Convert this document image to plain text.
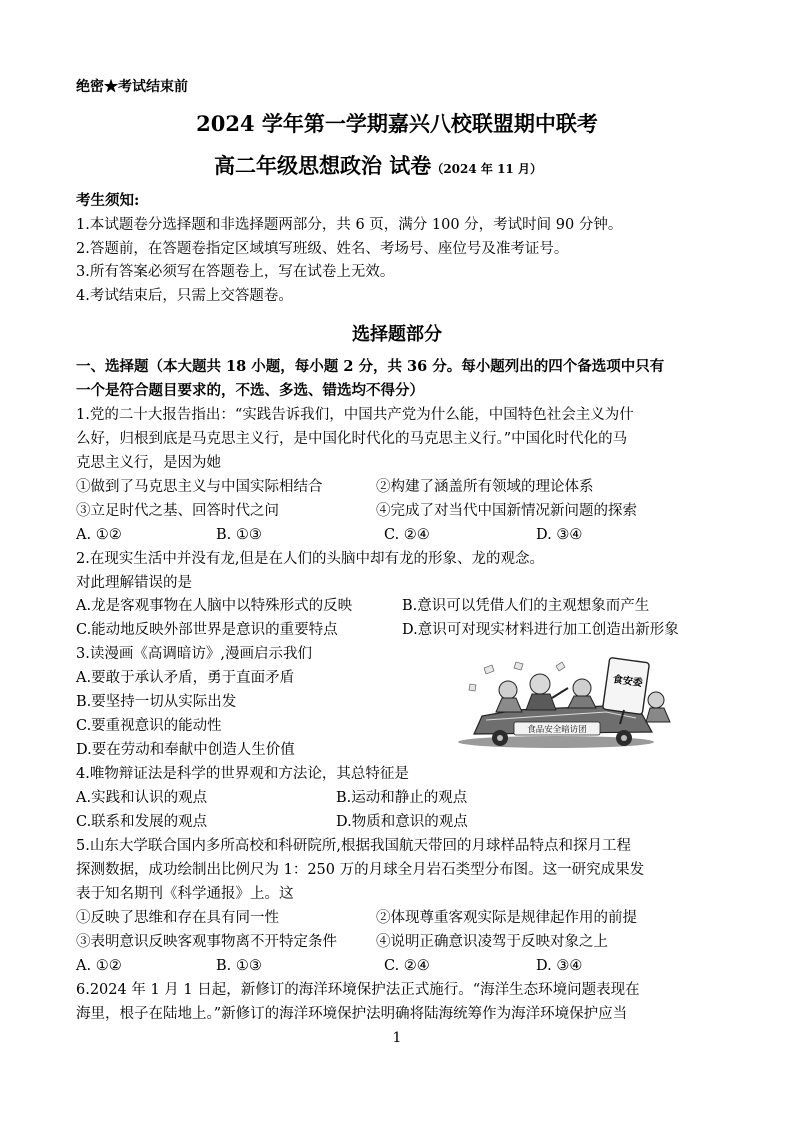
绝密★考试结束前
2024 学年第一学期嘉兴八校联盟期中联考
高二年级思想政治 试卷（2024 年 11 月）
考生须知:
1.本试题卷分选择题和非选择题两部分，共 6 页，满分 100 分，考试时间 90 分钟。
2.答题前，在答题卷指定区域填写班级、姓名、考场号、座位号及准考证号。
3.所有答案必须写在答题卷上，写在试卷上无效。
4.考试结束后，只需上交答题卷。
选择题部分
一、选择题（本大题共 18 小题，每小题 2 分，共 36 分。每小题列出的四个备选项中只有
一个是符合题目要求的，不选、多选、错选均不得分）
1.党的二十大报告指出：“实践告诉我们，中国共产党为什么能，中国特色社会主义为什
么好，归根到底是马克思主义行，是中国化时代化的马克思主义行。”中国化时代化的马
克思主义行，是因为她
①做到了马克思主义与中国实际相结合	②构建了涵盖所有领域的理论体系
③立足时代之基、回答时代之问	④完成了对当代中国新情况新问题的探索
A. ①②	B. ①③	C. ②④	D. ③④
2.在现实生活中并没有龙,但是在人们的头脑中却有龙的形象、龙的观念。
对此理解错误的是
A.龙是客观事物在人脑中以特殊形式的反映	B.意识可以凭借人们的主观想象而产生
C.能动地反映外部世界是意识的重要特点	D.意识可对现实材料进行加工创造出新形象
3.读漫画《高调暗访》,漫画启示我们
A.要敢于承认矛盾，勇于直面矛盾
B.要坚持一切从实际出发
C.要重视意识的能动性
D.要在劳动和奉献中创造人生价值
食品安全暗访团
食安委
4.唯物辩证法是科学的世界观和方法论，其总特征是
A.实践和认识的观点	B.运动和静止的观点
C.联系和发展的观点	D.物质和意识的观点
5.山东大学联合国内多所高校和科研院所,根据我国航天带回的月球样品特点和探月工程
探测数据，成功绘制出比例尺为 1：250 万的月球全月岩石类型分布图。这一研究成果发
表于知名期刊《科学通报》上。这
①反映了思维和存在具有同一性	②体现尊重客观实际是规律起作用的前提
③表明意识反映客观事物离不开特定条件	④说明正确意识凌驾于反映对象之上
A. ①②	B. ①③	C. ②④	D. ③④
6.2024 年 1 月 1 日起，新修订的海洋环境保护法正式施行。“海洋生态环境问题表现在
海里，根子在陆地上。”新修订的海洋环境保护法明确将陆海统筹作为海洋环境保护应当
1
